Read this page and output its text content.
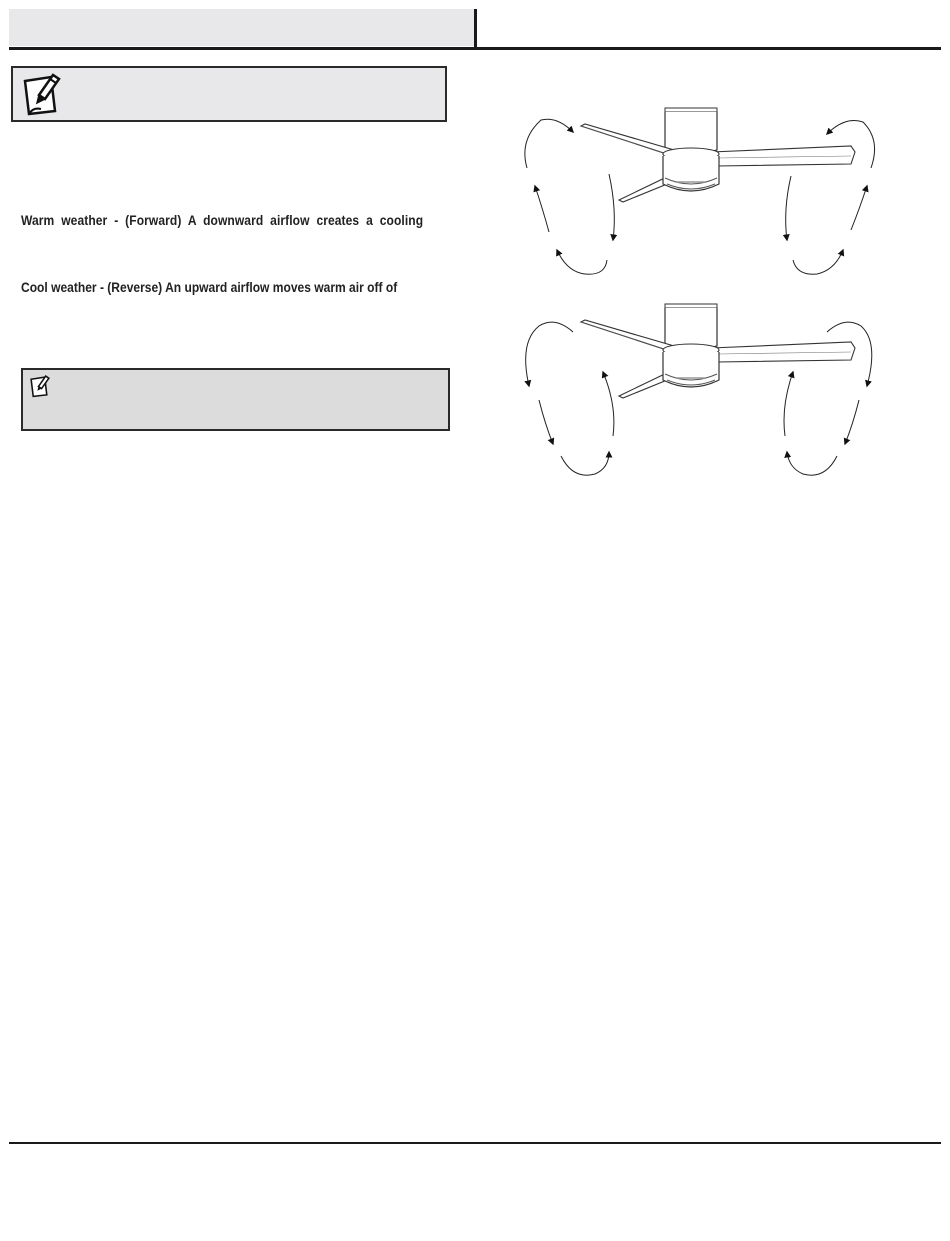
Warm weather - (Forward) A downward airflow creates a cooling
Cool weather - (Reverse) An upward airflow moves warm air off of
